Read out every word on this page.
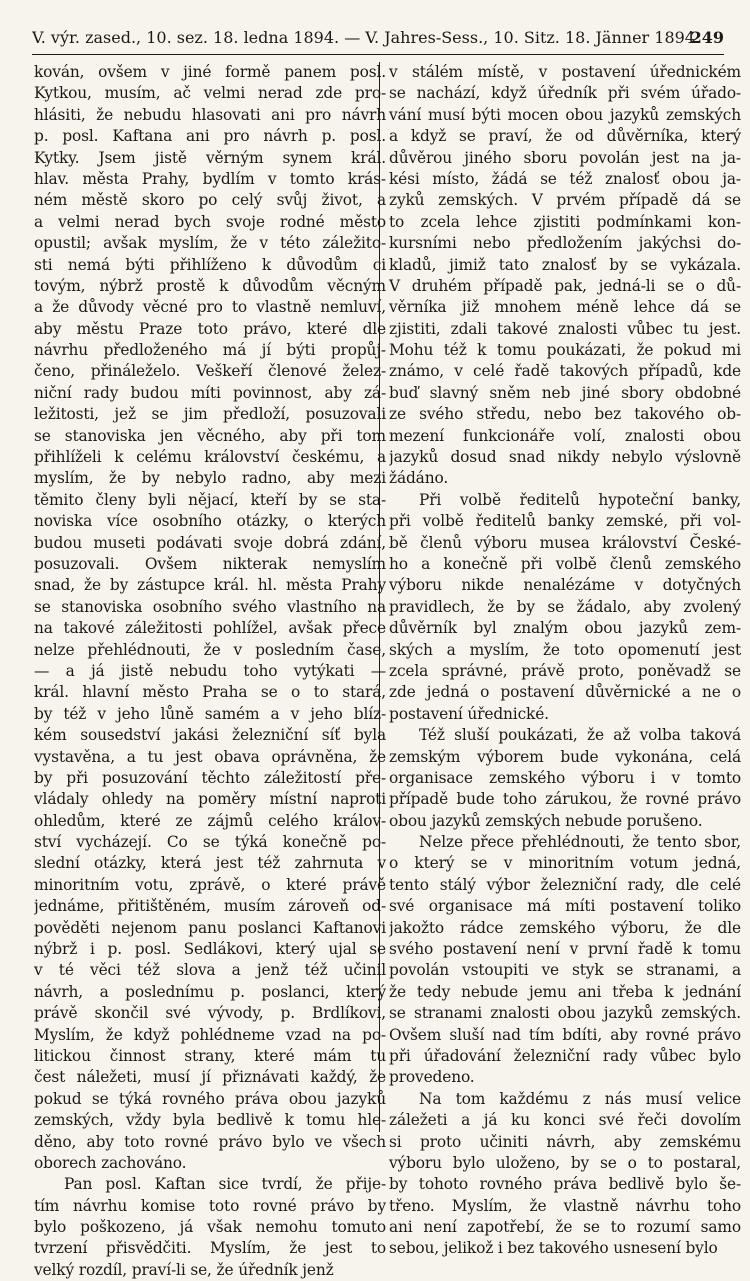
V. výr. zased., 10. sez. 18. ledna 1894. — V. Jahres-Sess., 10. Sitz. 18. Jänner 1894.
249
kován, ovšem v jiné formě panem posl.
Kytkou, musím, ač velmi nerad zde pro-
hlásiti, že nebudu hlasovati ani pro návrh
p. posl. Kaftana ani pro návrh p. posl.
Kytky. Jsem jistě věrným synem král.
hlav. města Prahy, bydlím v tomto krás-
ném městě skoro po celý svůj život, a
a velmi nerad bych svoje rodné město
opustil; avšak myslím, že v této záležito-
sti nemá býti přihlíženo k důvodům ci
tovým, nýbrž prostě k důvodům věcným
a že důvody věcné pro to vlastně nemluví,
aby městu Praze toto právo, které dle
návrhu předloženého má jí býti propůj-
čeno, přináleželo. Veškeří členové želez-
niční rady budou míti povinnost, aby zá-
ležitosti, jež se jim předloží, posuzovali
se stanoviska jen věcného, aby při tom
přihlíželi k celému království českému, a
myslím, že by nebylo radno, aby mezi
těmito členy byli nějací, kteří by se sta-
noviska více osobního otázky, o kterých
budou museti podávati svoje dobrá zdání,
posuzovali. Ovšem nikterak nemyslím
snad, že by zástupce král. hl. města Prahy
se stanoviska osobního svého vlastního na
na takové záležitosti pohlížel, avšak přece
nelze přehlédnouti, že v posledním čase,
— a já jistě nebudu toho vytýkati —
král. hlavní město Praha se o to stará,
by též v jeho lůně samém a v jeho blíz-
kém sousedství jakási železniční síť byla
vystavěna, a tu jest obava oprávněna, že
by při posuzování těchto záležitostí pře-
vládaly ohledy na poměry místní naproti
ohledům, které ze zájmů celého králov-
ství vycházejí. Co se týká konečně po-
slední otázky, která jest též zahrnuta v
minoritním votu, zprávě, o které právě
jednáme, přitištěném, musím zároveň od-
pověděti nejenom panu poslanci Kaftanovi
nýbrž i p. posl. Sedlákovi, který ujal se
v té věci též slova a jenž též učinil
návrh, a poslednímu p. poslanci, který
právě skončil své vývody, p. Brdlíkovi,
Myslím, že když pohlédneme vzad na po-
litickou činnost strany, které mám tu
čest náležeti, musí jí přiznávati každý, že
pokud se týká rovného práva obou jazyků
zemských, vždy byla bedlivě k tomu hle-
děno, aby toto rovné právo bylo ve všech
oborech zachováno.
Pan posl. Kaftan sice tvrdí, že přije-
tím návrhu komise toto rovné právo by
bylo poškozeno, já však nemohu tomuto
tvrzení přisvědčiti. Myslím, že jest to
velký rozdíl, praví-li se, že úředník jenž
v stálém místě, v postavení úřednickém
se nachází, když úředník při svém úřado-
vání musí býti mocen obou jazyků zemských
a když se praví, že od důvěrníka, který
důvěrou jiného sboru povolán jest na ja-
kési místo, žádá se též znalosť obou ja-
zyků zemských. V prvém případě dá se
to zcela lehce zjistiti podmínkami kon-
kursními nebo předložením jakýchsi do-
kladů, jimiž tato znalosť by se vykázala.
V druhém případě pak, jedná-li se o dů-
věrníka již mnohem méně lehce dá se
zjistiti, zdali takové znalosti vůbec tu jest.
Mohu též k tomu poukázati, že pokud mi
známo, v celé řadě takových případů, kde
buď slavný sněm neb jiné sbory obdobné
ze svého středu, nebo bez takového ob-
mezení funkcionáře volí, znalosti obou
jazyků dosud snad nikdy nebylo výslovně
žádáno.
Při volbě ředitelů hypoteční banky,
při volbě ředitelů banky zemské, při vol-
bě členů výboru musea království České-
ho a konečně při volbě členů zemského
výboru nikde nenalézáme v dotyčných
pravidlech, že by se žádalo, aby zvolený
důvěrník byl znalým obou jazyků zem-
ských a myslím, že toto opomenutí jest
zcela správné, právě proto, poněvadž se
zde jedná o postavení důvěrnické a ne o
postavení úřednické.
Též sluší poukázati, že až volba taková
zemským výborem bude vykonána, celá
organisace zemského výboru i v tomto
případě bude toho zárukou, že rovné právo
obou jazyků zemských nebude porušeno.
Nelze přece přehlédnouti, že tento sbor,
o který se v minoritním votum jedná,
tento stálý výbor železniční rady, dle celé
své organisace má míti postavení toliko
jakožto rádce zemského výboru, že dle
svého postavení není v první řadě k tomu
povolán vstoupiti ve styk se stranami, a
že tedy nebude jemu ani třeba k jednání
se stranami znalosti obou jazyků zemských.
Ovšem sluší nad tím bdíti, aby rovné právo
při úřadování železniční rady vůbec bylo
provedeno.
Na tom každému z nás musí velice
záležeti a já ku konci své řeči dovolím
si proto učiniti návrh, aby zemskému
výboru bylo uloženo, by se o to postaral,
by tohoto rovného práva bedlivě bylo še-
třeno. Myslím, že vlastně návrhu toho
ani není zapotřebí, že se to rozumí samo
sebou, jelikož i bez takového usnesení bylo
